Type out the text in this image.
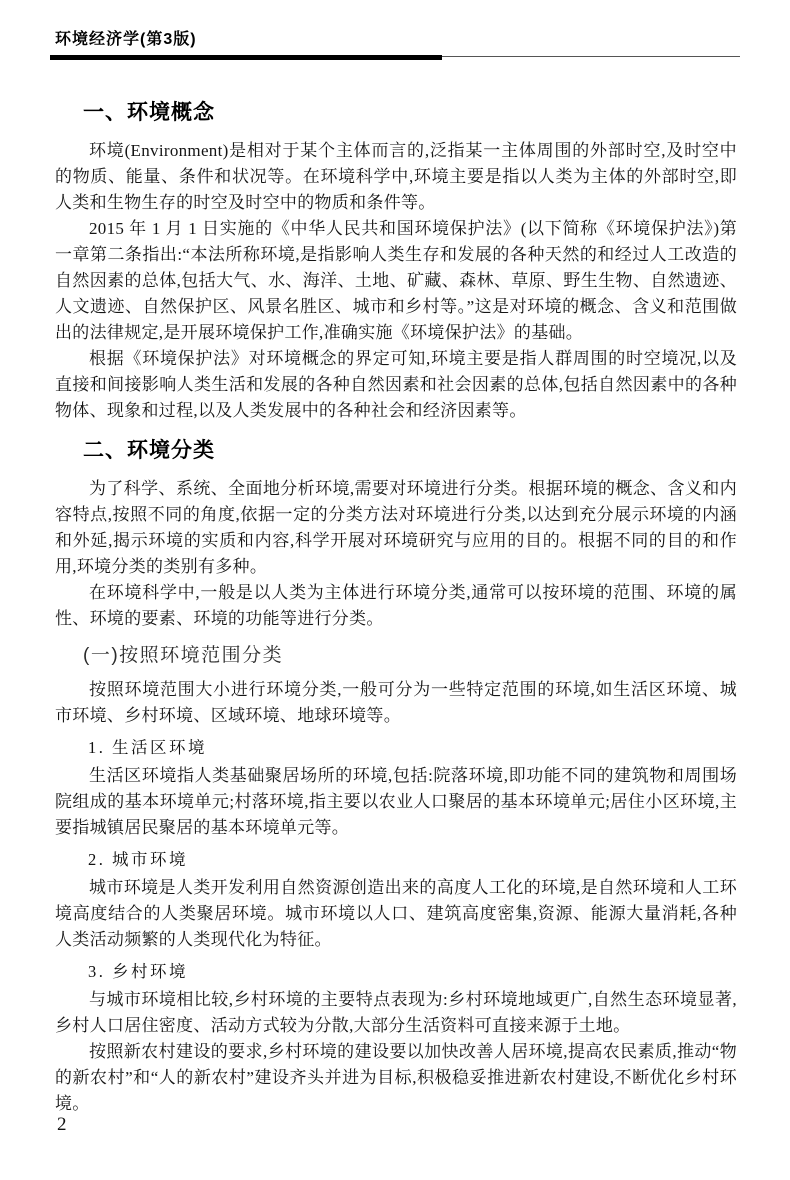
环境经济学(第3版)
一、环境概念

环境(Environment)是相对于某个主体而言的,泛指某一主体周围的外部时空,及时空中的物质、能量、条件和状况等。在环境科学中,环境主要是指以人类为主体的外部时空,即人类和生物生存的时空及时空中的物质和条件等。

2015 年 1 月 1 日实施的《中华人民共和国环境保护法》(以下简称《环境保护法》)第一章第二条指出:“本法所称环境,是指影响人类生存和发展的各种天然的和经过人工改造的自然因素的总体,包括大气、水、海洋、土地、矿藏、森林、草原、野生生物、自然遗迹、人文遗迹、自然保护区、风景名胜区、城市和乡村等。”这是对环境的概念、含义和范围做出的法律规定,是开展环境保护工作,准确实施《环境保护法》的基础。

根据《环境保护法》对环境概念的界定可知,环境主要是指人群周围的时空境况,以及直接和间接影响人类生活和发展的各种自然因素和社会因素的总体,包括自然因素中的各种物体、现象和过程,以及人类发展中的各种社会和经济因素等。

二、环境分类

为了科学、系统、全面地分析环境,需要对环境进行分类。根据环境的概念、含义和内容特点,按照不同的角度,依据一定的分类方法对环境进行分类,以达到充分展示环境的内涵和外延,揭示环境的实质和内容,科学开展对环境研究与应用的目的。根据不同的目的和作用,环境分类的类别有多种。

在环境科学中,一般是以人类为主体进行环境分类,通常可以按环境的范围、环境的属性、环境的要素、环境的功能等进行分类。

(一)按照环境范围分类

按照环境范围大小进行环境分类,一般可分为一些特定范围的环境,如生活区环境、城市环境、乡村环境、区域环境、地球环境等。

1. 生活区环境

生活区环境指人类基础聚居场所的环境,包括:院落环境,即功能不同的建筑物和周围场院组成的基本环境单元;村落环境,指主要以农业人口聚居的基本环境单元;居住小区环境,主要指城镇居民聚居的基本环境单元等。

2. 城市环境

城市环境是人类开发利用自然资源创造出来的高度人工化的环境,是自然环境和人工环境高度结合的人类聚居环境。城市环境以人口、建筑高度密集,资源、能源大量消耗,各种人类活动频繁的人类现代化为特征。

3. 乡村环境

与城市环境相比较,乡村环境的主要特点表现为:乡村环境地域更广,自然生态环境显著,乡村人口居住密度、活动方式较为分散,大部分生活资料可直接来源于土地。

按照新农村建设的要求,乡村环境的建设要以加快改善人居环境,提高农民素质,推动“物的新农村”和“人的新农村”建设齐头并进为目标,积极稳妥推进新农村建设,不断优化乡村环境。

2
